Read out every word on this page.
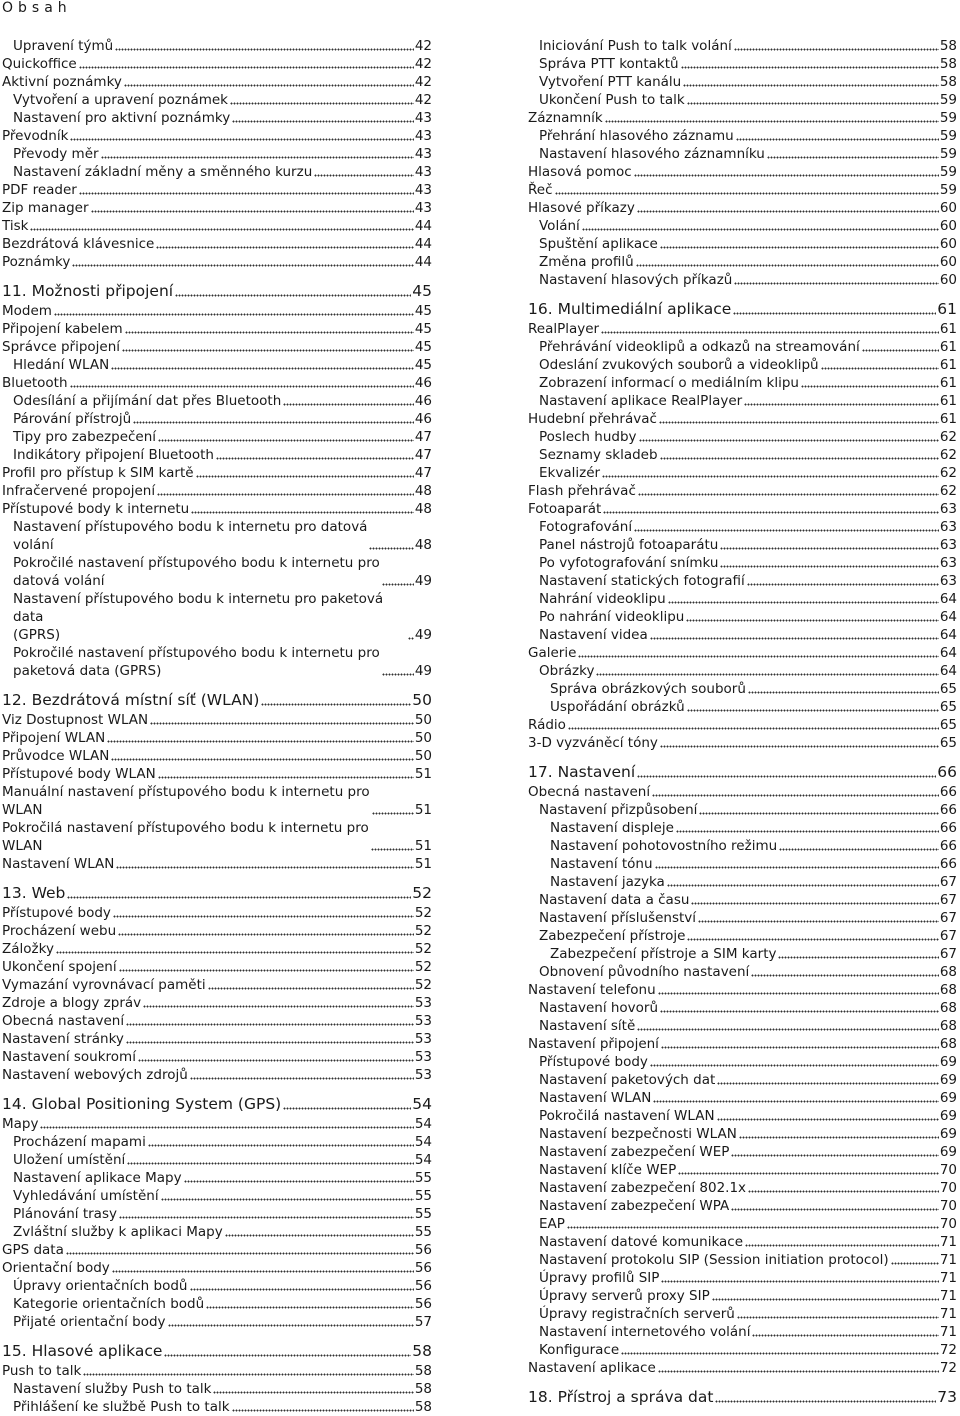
Obsah
Upravení týmů	42
Quickoffice	42
Aktivní poznámky	42
Vytvoření a upravení poznámek	42
Nastavení pro aktivní poznámky	43
Převodník	43
Převody měr	43
Nastavení základní měny a směnného kurzu	43
PDF reader	43
Zip manager	43
Tisk	44
Bezdrátová klávesnice	44
Poznámky	44
11. Možnosti připojení	45
Modem	45
Připojení kabelem	45
Správce připojení	45
Hledání WLAN	45
Bluetooth	46
Odesílání a přijímání dat přes Bluetooth	46
Párování přístrojů	46
Tipy pro zabezpečení	47
Indikátory připojení Bluetooth	47
Profil pro přístup k SIM kartě	47
Infračervené propojení	48
Přístupové body k internetu	48
Nastavení přístupového bodu k internetu pro datová
volání	48
Pokročilé nastavení přístupového bodu k internetu pro
datová volání	49
Nastavení přístupového bodu k internetu pro paketová data
(GPRS)	49
Pokročilé nastavení přístupového bodu k internetu pro
paketová data (GPRS)	49
12. Bezdrátová místní síť (WLAN)	50
Viz Dostupnost WLAN	50
Připojení WLAN	50
Průvodce WLAN	50
Přístupové body WLAN	51
Manuální nastavení přístupového bodu k internetu pro
WLAN	51
Pokročilá nastavení přístupového bodu k internetu pro
WLAN	51
Nastavení WLAN	51
13. Web	52
Přístupové body	52
Procházení webu	52
Záložky	52
Ukončení spojení	52
Vymazání vyrovnávací paměti	52
Zdroje a blogy zpráv	53
Obecná nastavení	53
Nastavení stránky	53
Nastavení soukromí	53
Nastavení webových zdrojů	53
14. Global Positioning System (GPS)	54
Mapy	54
Procházení mapami	54
Uložení umístění	54
Nastavení aplikace Mapy	55
Vyhledávání umístění	55
Plánování trasy	55
Zvláštní služby k aplikaci Mapy	55
GPS data	56
Orientační body	56
Úpravy orientačních bodů	56
Kategorie orientačních bodů	56
Přijaté orientační body	57
15. Hlasové aplikace	58
Push to talk	58
Nastavení služby Push to talk	58
Přihlášení ke službě Push to talk	58
Iniciování Push to talk volání	58
Správa PTT kontaktů	58
Vytvoření PTT kanálu	58
Ukončení Push to talk	59
Záznamník	59
Přehrání hlasového záznamu	59
Nastavení hlasového záznamníku	59
Hlasová pomoc	59
Řeč	59
Hlasové příkazy	60
Volání	60
Spuštění aplikace	60
Změna profilů	60
Nastavení hlasových příkazů	60
16. Multimediální aplikace	61
RealPlayer	61
Přehrávání videoklipů a odkazů na streamování	61
Odeslání zvukových souborů a videoklipů	61
Zobrazení informací o mediálním klipu	61
Nastavení aplikace RealPlayer	61
Hudební přehrávač	61
Poslech hudby	62
Seznamy skladeb	62
Ekvalizér	62
Flash přehrávač	62
Fotoaparát	63
Fotografování	63
Panel nástrojů fotoaparátu	63
Po vyfotografování snímku	63
Nastavení statických fotografií	63
Nahrání videoklipu	64
Po nahrání videoklipu	64
Nastavení videa	64
Galerie	64
Obrázky	64
Správa obrázkových souborů	65
Uspořádání obrázků	65
Rádio	65
3-D vyzváněcí tóny	65
17. Nastavení	66
Obecná nastavení	66
Nastavení přizpůsobení	66
Nastavení displeje	66
Nastavení pohotovostního režimu	66
Nastavení tónu	66
Nastavení jazyka	67
Nastavení data a času	67
Nastavení příslušenství	67
Zabezpečení přístroje	67
Zabezpečení přístroje a SIM karty	67
Obnovení původního nastavení	68
Nastavení telefonu	68
Nastavení hovorů	68
Nastavení sítě	68
Nastavení připojení	68
Přístupové body	69
Nastavení paketových dat	69
Nastavení WLAN	69
Pokročilá nastavení WLAN	69
Nastavení bezpečnosti WLAN	69
Nastavení zabezpečení WEP	69
Nastavení klíče WEP	70
Nastavení zabezpečení 802.1x	70
Nastavení zabezpečení WPA	70
EAP	70
Nastavení datové komunikace	71
Nastavení protokolu SIP (Session initiation protocol)	71
Úpravy profilů SIP	71
Úpravy serverů proxy SIP	71
Úpravy registračních serverů	71
Nastavení internetového volání	71
Konfigurace	72
Nastavení aplikace	72
18. Přístroj a správa dat	73
